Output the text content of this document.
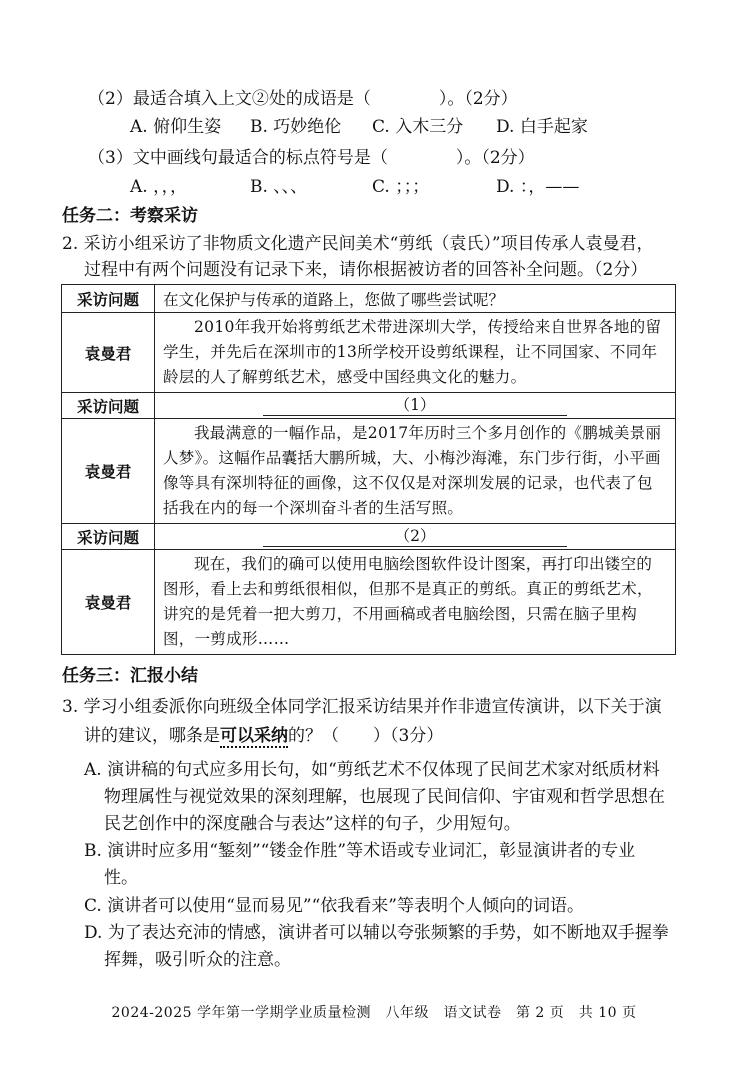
（2）最适合填入上文②处的成语是（　　　　）。（2分）
A. 俯仰生姿 B. 巧妙绝伦 C. 入木三分 D. 白手起家
（3）文中画线句最适合的标点符号是（　　　　）。（2分）
A. ，，，	B. 、、、	C. ；；；	D. ：，——
任务二：考察采访
2. 采访小组采访了非物质文化遗产民间美术“剪纸（袁氏）”项目传承人袁曼君，
过程中有两个问题没有记录下来，请你根据被访者的回答补全问题。（2分）
采访问题	在文化保护与传承的道路上，您做了哪些尝试呢？
袁曼君	2010年我开始将剪纸艺术带进深圳大学，传授给来自世界各地的留学生，并先后在深圳市的13所学校开设剪纸课程，让不同国家、不同年龄层的人了解剪纸艺术，感受中国经典文化的魅力。
采访问题	（1）

袁曼君	我最满意的一幅作品，是2017年历时三个多月创作的《鹏城美景丽人梦》。这幅作品囊括大鹏所城，大、小梅沙海滩，东门步行街，小平画像等具有深圳特征的画像，这不仅仅是对深圳发展的记录，也代表了包括我在内的每一个深圳奋斗者的生活写照。
采访问题	（2）

袁曼君	现在，我们的确可以使用电脑绘图软件设计图案，再打印出镂空的图形，看上去和剪纸很相似，但那不是真正的剪纸。真正的剪纸艺术，讲究的是凭着一把大剪刀，不用画稿或者电脑绘图，只需在脑子里构图，一剪成形……
任务三：汇报小结
3. 学习小组委派你向班级全体同学汇报采访结果并作非遗宣传演讲，以下关于演
讲的建议，哪条是可以采纳的？（　　）（3分）
A. 演讲稿的句式应多用长句，如“剪纸艺术不仅体现了民间艺术家对纸质材料
物理属性与视觉效果的深刻理解，也展现了民间信仰、宇宙观和哲学思想在
民艺创作中的深度融合与表达”这样的句子，少用短句。
B. 演讲时应多用“錾刻”“镂金作胜”等术语或专业词汇，彰显演讲者的专业
性。
C. 演讲者可以使用“显而易见”“依我看来”等表明个人倾向的词语。
D. 为了表达充沛的情感，演讲者可以辅以夸张频繁的手势，如不断地双手握拳
挥舞，吸引听众的注意。
2024-2025 学年第一学期学业质量检测　八年级　语文试卷　第 2 页　共 10 页
